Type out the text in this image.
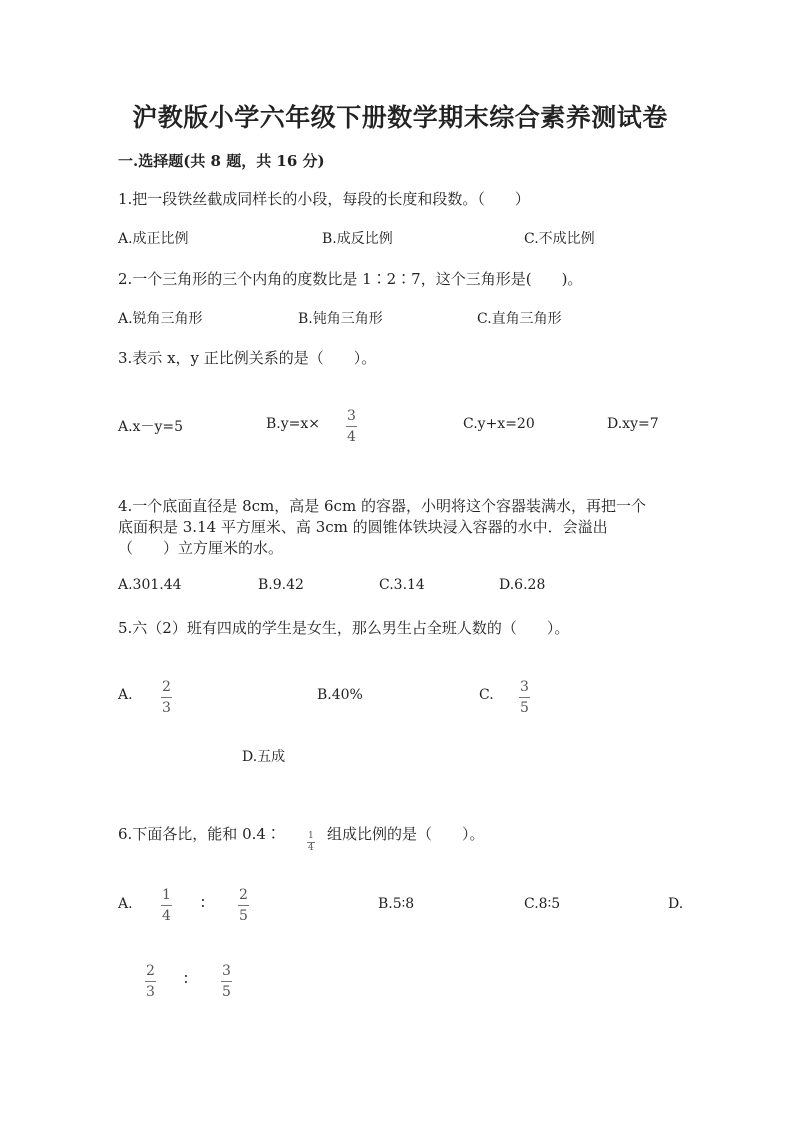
沪教版小学六年级下册数学期末综合素养测试卷
一.选择题(共 8 题，共 16 分)
1.把一段铁丝截成同样长的小段，每段的长度和段数。（　　）
A.成正比例	B.成反比例	C.不成比例
2.一个三角形的三个内角的度数比是 1∶2∶7，这个三角形是(　　)。
A.锐角三角形	B.钝角三角形	C.直角三角形
3.表示 x，y 正比例关系的是（　　）。
A.x－y=5	B.y=x× 3
4
C.y+x=20	D.xy=7
4.一个底面直径是 8cm，高是 6cm 的容器，小明将这个容器装满水，再把一个
底面积是 3.14 平方厘米、高 3cm 的圆锥体铁块浸入容器的水中．会溢出
（　　）立方厘米的水。
A.301.44	B.9.42	C.3.14	D.6.28
5.六（2）班有四成的学生是女生，那么男生占全班人数的（　　）。
A. 2
3
B.40%	C. 3
5
D.五成
6.下面各比，能和 0.4∶	1
4
组成比例的是（　　）。
A.
1
4
∶ 2
5
B.5∶8	C.8∶5	D.
2
3
∶ 3
5
